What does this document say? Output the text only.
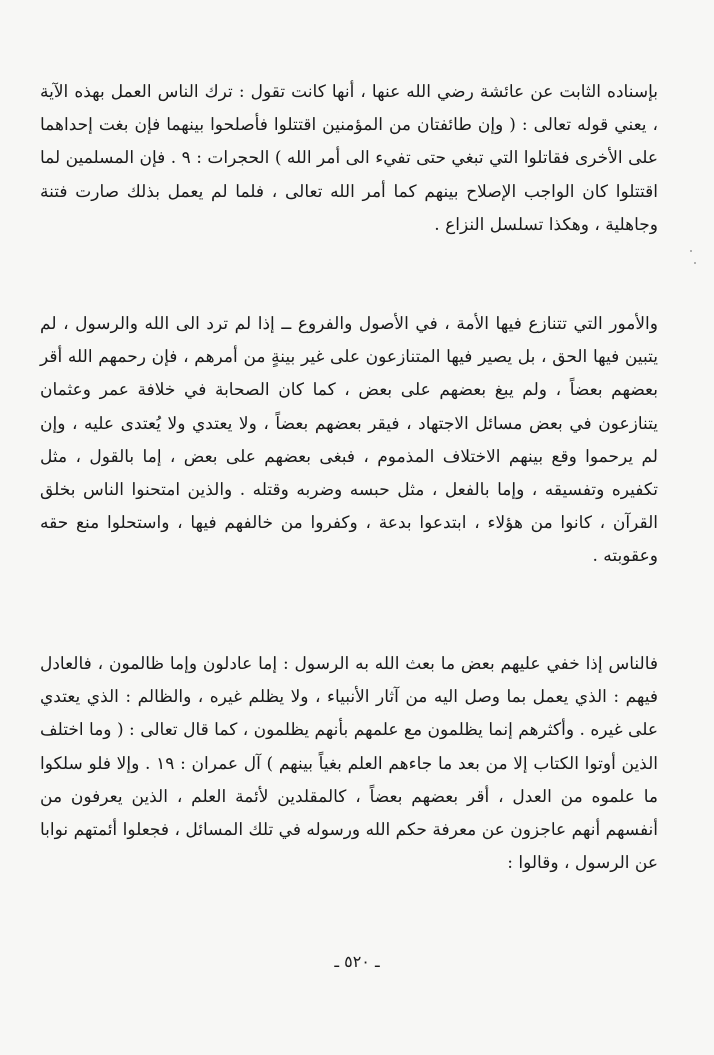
بإسناده الثابت عن عائشة رضي الله عنها ، أنها كانت تقول : ترك الناس العمل بهذه الآية ، يعني قوله تعالى : ( وإن طائفتان من المؤمنين اقتتلوا فأصلحوا بينهما فإن بغت إحداهما على الأخرى فقاتلوا التي تبغي حتى تفيء الى أمر الله ) الحجرات : ٩ . فإن المسلمين لما اقتتلوا كان الواجب الإصلاح بينهم كما أمر الله تعالى ، فلما لم يعمل بذلك صارت فتنة وجاهلية ، وهكذا تسلسل النزاع .

والأمور التي تتنازع فيها الأمة ، في الأصول والفروع ــ إذا لم ترد الى الله والرسول ، لم يتبين فيها الحق ، بل يصير فيها المتنازعون على غير بينةٍ من أمرهم ، فإن رحمهم الله أقر بعضهم بعضاً ، ولم يبغ بعضهم على بعض ، كما كان الصحابة في خلافة عمر وعثمان يتنازعون في بعض مسائل الاجتهاد ، فيقر بعضهم بعضاً ، ولا يعتدي ولا يُعتدى عليه ، وإن لم يرحموا وقع بينهم الاختلاف المذموم ، فبغى بعضهم على بعض ، إما بالقول ، مثل تكفيره وتفسيقه ، وإما بالفعل ، مثل حبسه وضربه وقتله . والذين امتحنوا الناس بخلق القرآن ، كانوا من هؤلاء ، ابتدعوا بدعة ، وكفروا من خالفهم فيها ، واستحلوا منع حقه وعقوبته .

فالناس إذا خفي عليهم بعض ما بعث الله به الرسول : إما عادلون وإما ظالمون ، فالعادل فيهم : الذي يعمل بما وصل اليه من آثار الأنبياء ، ولا يظلم غيره ، والظالم : الذي يعتدي على غيره . وأكثرهم إنما يظلمون مع علمهم بأنهم يظلمون ، كما قال تعالى : ( وما اختلف الذين أوتوا الكتاب إلا من بعد ما جاءهم العلم بغياً بينهم ) آل عمران : ١٩ . وإلا فلو سلكوا ما علموه من العدل ، أقر بعضهم بعضاً ، كالمقلدين لأئمة العلم ، الذين يعرفون من أنفسهم أنهم عاجزون عن معرفة حكم الله ورسوله في تلك المسائل ، فجعلوا أئمتهم نوابا عن الرسول ، وقالوا :

ـ ٥٢٠ ـ
